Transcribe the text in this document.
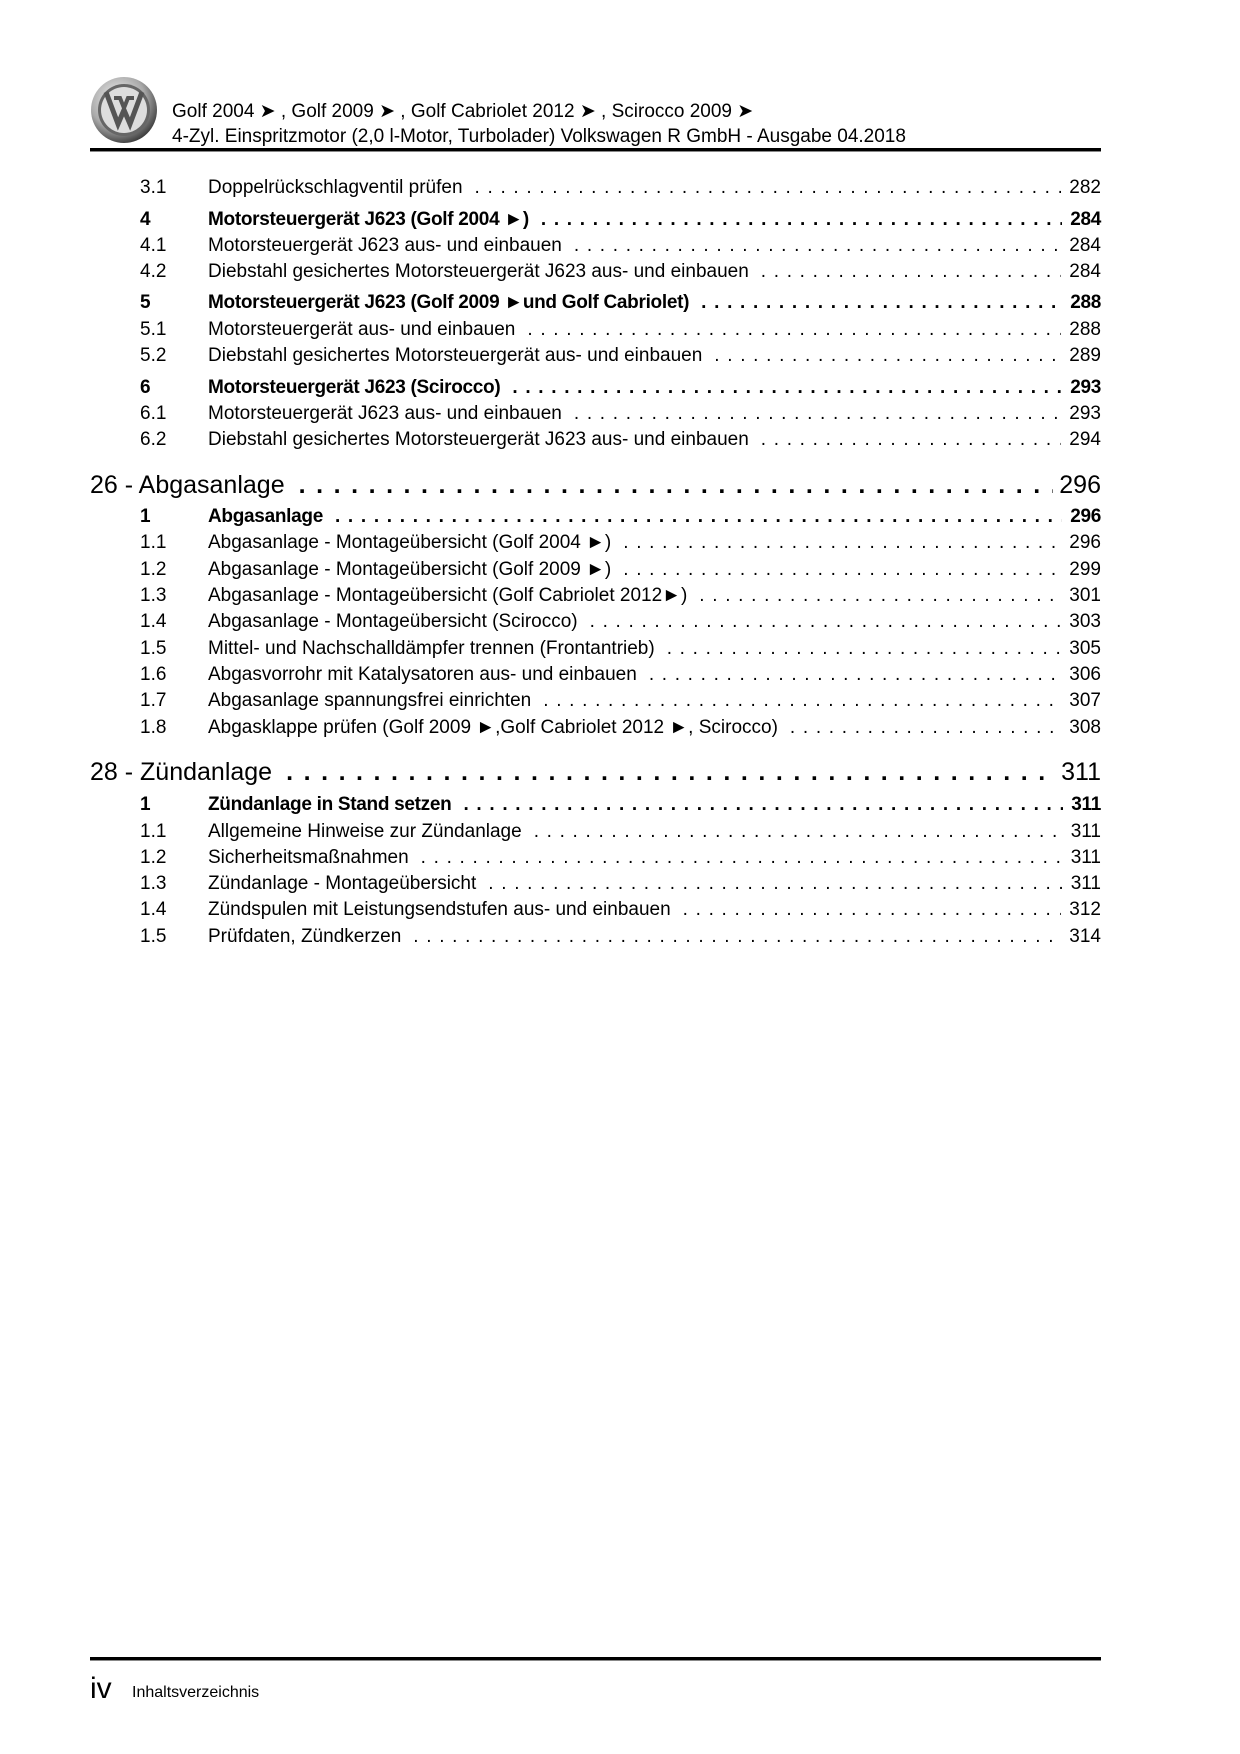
Golf 2004 ➤ , Golf 2009 ➤ , Golf Cabriolet 2012 ➤ , Scirocco 2009 ➤
4-Zyl. Einspritzmotor (2,0 l-Motor, Turbolader) Volkswagen R GmbH - Ausgabe 04.2018
3.1	Doppelrückschlagventil prüfen . . .	282
4	Motorsteuergerät J623 (Golf 2004 ►) . . .	284
4.1	Motorsteuergerät J623 aus- und einbauen . . .	284
4.2	Diebstahl gesichertes Motorsteuergerät J623 aus- und einbauen . . .	284
5	Motorsteuergerät J623 (Golf 2009 ►und Golf Cabriolet) . . .	288
5.1	Motorsteuergerät aus- und einbauen . . .	288
5.2	Diebstahl gesichertes Motorsteuergerät aus- und einbauen . . .	289
6	Motorsteuergerät J623 (Scirocco) . . .	293
6.1	Motorsteuergerät J623 aus- und einbauen . . .	293
6.2	Diebstahl gesichertes Motorsteuergerät J623 aus- und einbauen . . .	294
26 - Abgasanlage . . .	296
1	Abgasanlage . . .	296
1.1	Abgasanlage - Montageübersicht (Golf 2004 ►) . . .	296
1.2	Abgasanlage - Montageübersicht (Golf 2009 ►) . . .	299
1.3	Abgasanlage - Montageübersicht (Golf Cabriolet 2012►) . . .	301
1.4	Abgasanlage - Montageübersicht (Scirocco) . . .	303
1.5	Mittel- und Nachschalldämpfer trennen (Frontantrieb) . . .	305
1.6	Abgasvorrohr mit Katalysatoren aus- und einbauen . . .	306
1.7	Abgasanlage spannungsfrei einrichten . . .	307
1.8	Abgasklappe prüfen (Golf 2009 ►,Golf Cabriolet 2012 ►, Scirocco) . . .	308
28 - Zündanlage . . .	311
1	Zündanlage in Stand setzen . . .	311
1.1	Allgemeine Hinweise zur Zündanlage . . .	311
1.2	Sicherheitsmaßnahmen . . .	311
1.3	Zündanlage - Montageübersicht . . .	311
1.4	Zündspulen mit Leistungsendstufen aus- und einbauen . . .	312
1.5	Prüfdaten, Zündkerzen . . .	314
iv Inhaltsverzeichnis
